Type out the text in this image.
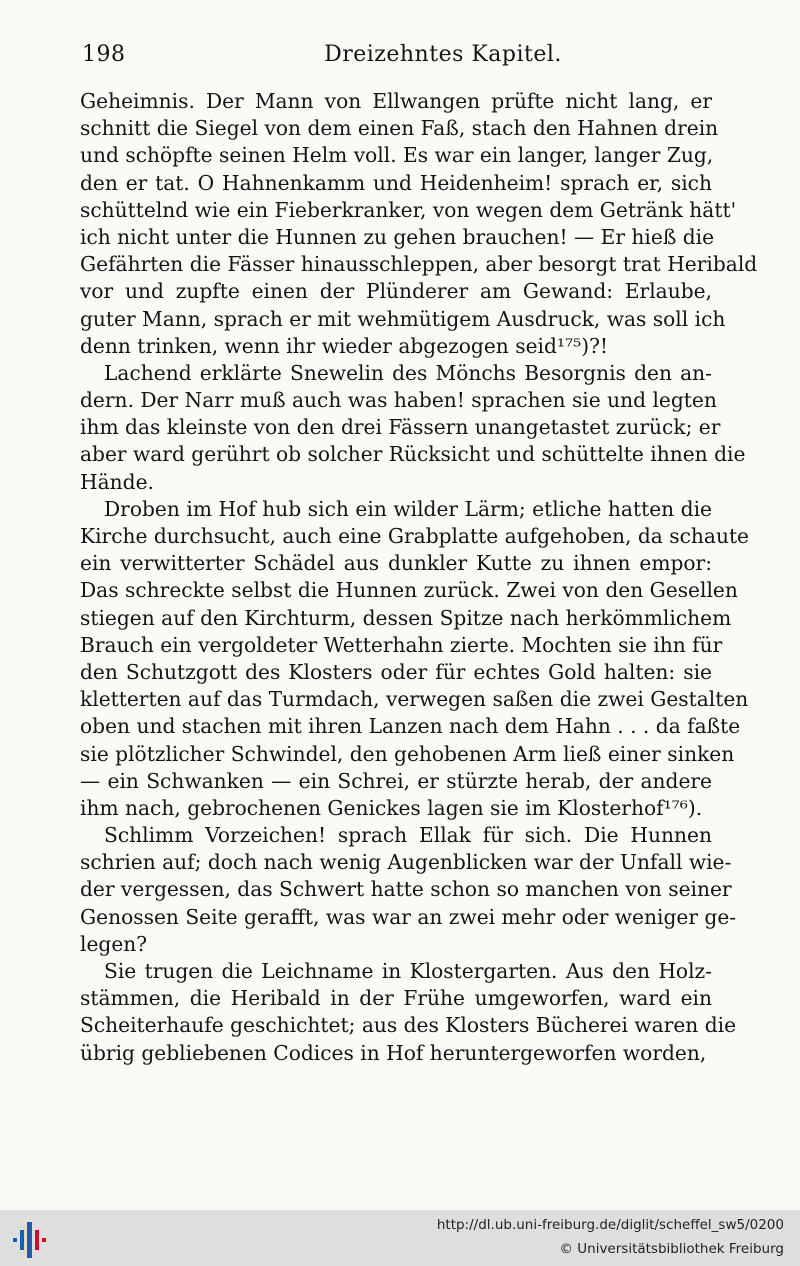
198	Dreizehntes Kapitel.

Geheimnis. Der Mann von Ellwangen prüfte nicht lang, er
schnitt die Siegel von dem einen Faß, stach den Hahnen drein
und schöpfte seinen Helm voll. Es war ein langer, langer Zug,
den er tat. O Hahnenkamm und Heidenheim! sprach er, sich
schüttelnd wie ein Fieberkranker, von wegen dem Getränk hätt'
ich nicht unter die Hunnen zu gehen brauchen! — Er hieß die
Gefährten die Fässer hinausschleppen, aber besorgt trat Heribald
vor und zupfte einen der Plünderer am Gewand: Erlaube,
guter Mann, sprach er mit wehmütigem Ausdruck, was soll ich
denn trinken, wenn ihr wieder abgezogen seid¹⁷⁵)?!

Lachend erklärte Snewelin des Mönchs Besorgnis den an-
dern. Der Narr muß auch was haben! sprachen sie und legten
ihm das kleinste von den drei Fässern unangetastet zurück; er
aber ward gerührt ob solcher Rücksicht und schüttelte ihnen die
Hände.

Droben im Hof hub sich ein wilder Lärm; etliche hatten die
Kirche durchsucht, auch eine Grabplatte aufgehoben, da schaute
ein verwitterter Schädel aus dunkler Kutte zu ihnen empor:
Das schreckte selbst die Hunnen zurück. Zwei von den Gesellen
stiegen auf den Kirchturm, dessen Spitze nach herkömmlichem
Brauch ein vergoldeter Wetterhahn zierte. Mochten sie ihn für
den Schutzgott des Klosters oder für echtes Gold halten: sie
kletterten auf das Turmdach, verwegen saßen die zwei Gestalten
oben und stachen mit ihren Lanzen nach dem Hahn . . . da faßte
sie plötzlicher Schwindel, den gehobenen Arm ließ einer sinken
— ein Schwanken — ein Schrei, er stürzte herab, der andere
ihm nach, gebrochenen Genickes lagen sie im Klosterhof¹⁷⁶).

Schlimm Vorzeichen! sprach Ellak für sich. Die Hunnen
schrien auf; doch nach wenig Augenblicken war der Unfall wie-
der vergessen, das Schwert hatte schon so manchen von seiner
Genossen Seite gerafft, was war an zwei mehr oder weniger ge-
legen?

Sie trugen die Leichname in Klostergarten. Aus den Holz-
stämmen, die Heribald in der Frühe umgeworfen, ward ein
Scheiterhaufe geschichtet; aus des Klosters Bücherei waren die
übrig gebliebenen Codices in Hof heruntergeworfen worden,

http://dl.ub.uni-freiburg.de/diglit/scheffel_sw5/0200
© Universitätsbibliothek Freiburg
